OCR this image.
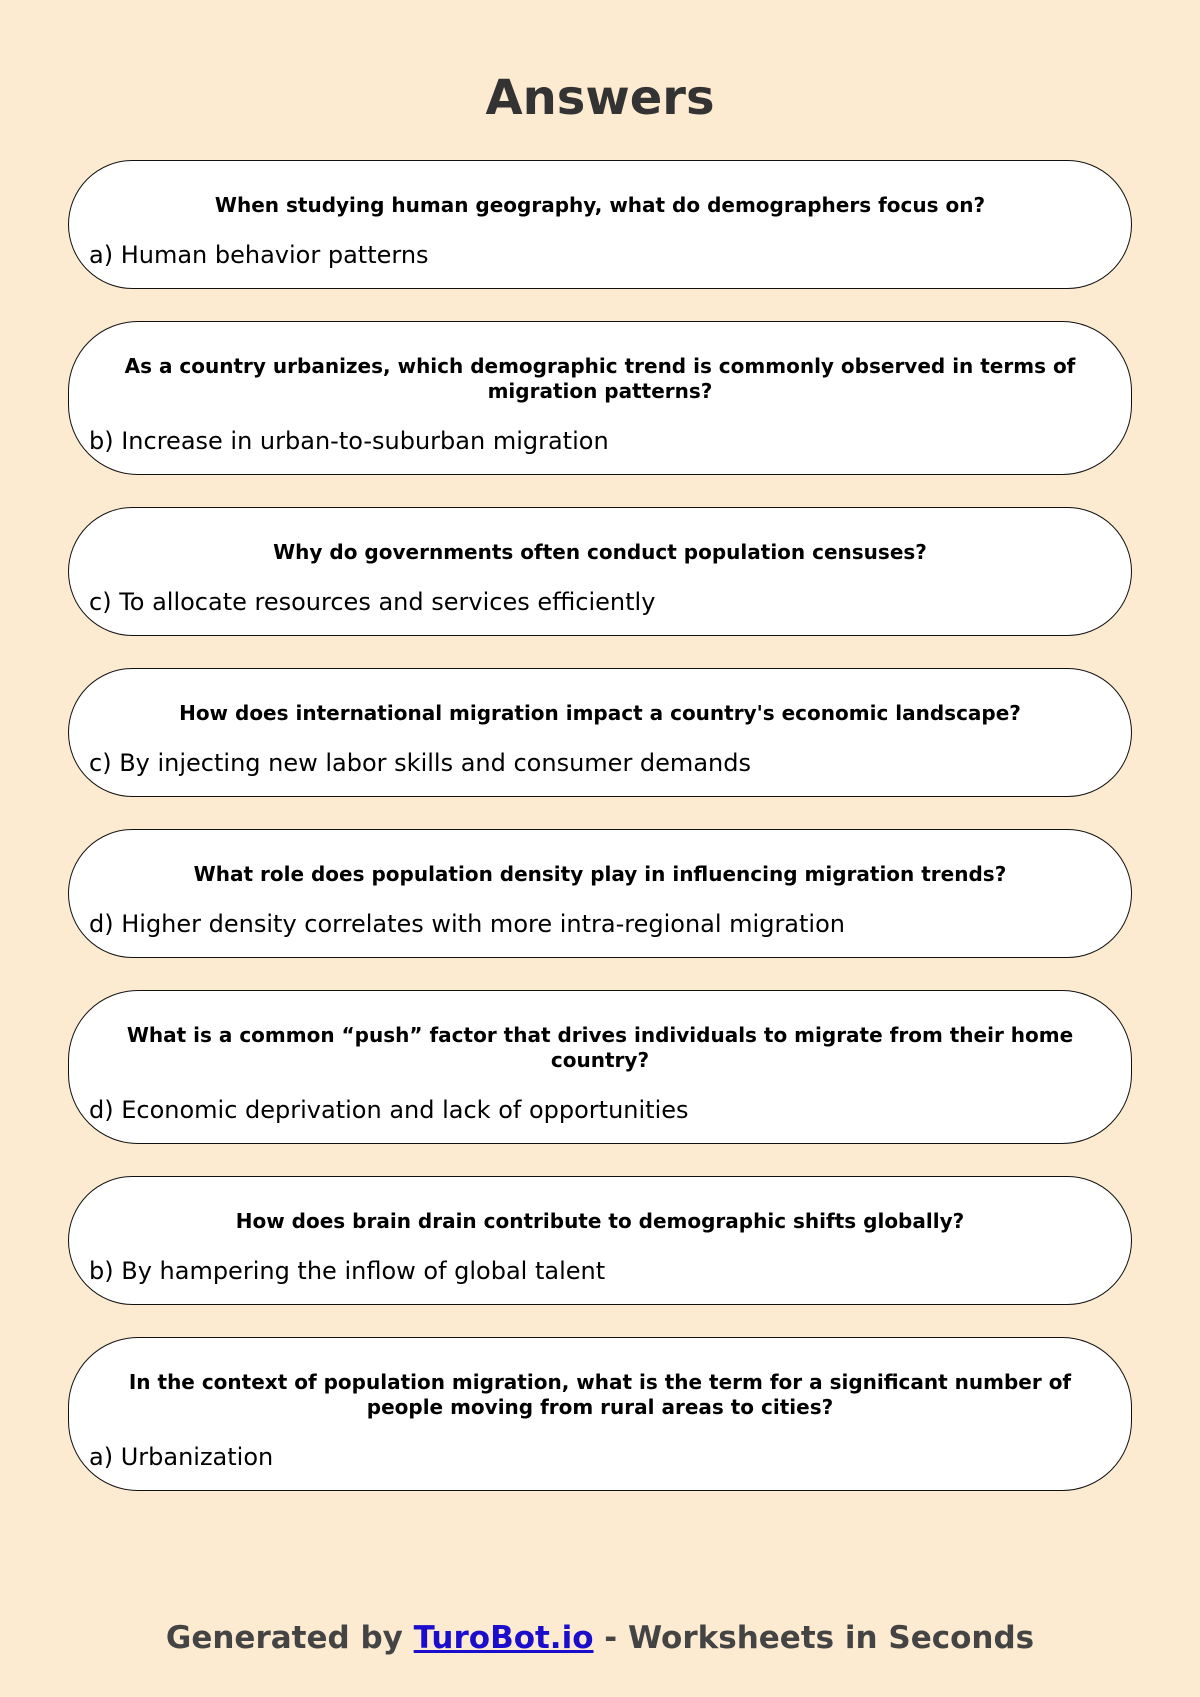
Answers

When studying human geography, what do demographers focus on?

a) Human behavior patterns

As a country urbanizes, which demographic trend is commonly observed in terms of migration patterns?

b) Increase in urban-to-suburban migration

Why do governments often conduct population censuses?

c) To allocate resources and services efficiently

How does international migration impact a country's economic landscape?

c) By injecting new labor skills and consumer demands

What role does population density play in influencing migration trends?

d) Higher density correlates with more intra-regional migration

What is a common “push” factor that drives individuals to migrate from their home country?

d) Economic deprivation and lack of opportunities

How does brain drain contribute to demographic shifts globally?

b) By hampering the inflow of global talent

In the context of population migration, what is the term for a significant number of people moving from rural areas to cities?

a) Urbanization

Generated by TuroBot.io - Worksheets in Seconds
